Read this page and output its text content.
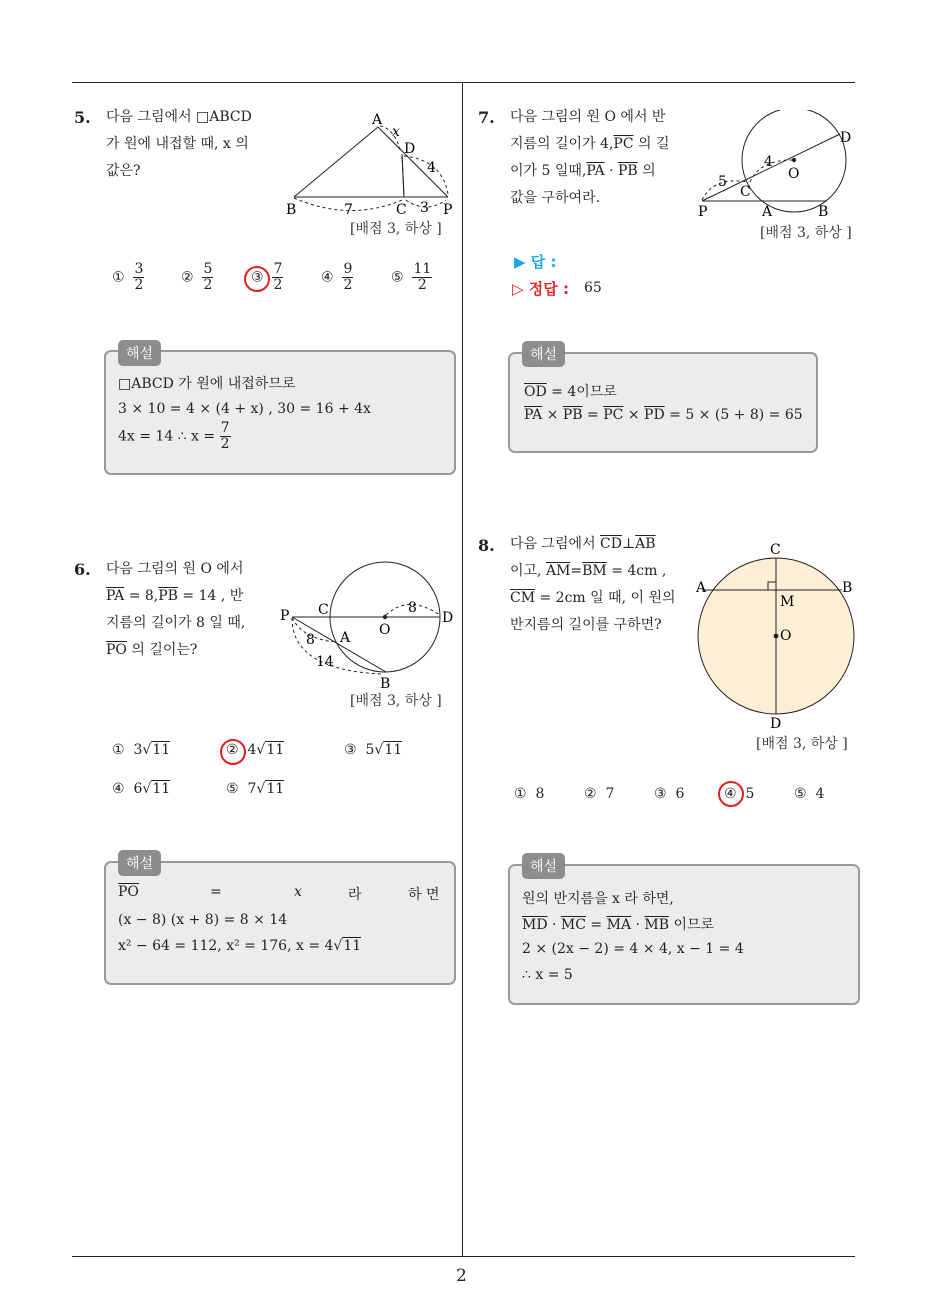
2
5. 다음 그림에서 □ABCD
가 원에 내접할 때, x 의
값은?
A
x
D
4
B	7	C 3 P
[배점 3, 하상 ]
① $\frac{3}{2}$	② $\frac{5}{2}$	③ $\frac{7}{2}$	④ $\frac{9}{2}$	⑤ $\frac{11}{2}$
해설
□ABCD 가 원에 내접하므로
3 × 10 = 4 × (4 + x) , 30 = 16 + 4x
4x = 14 ∴ $x = \frac{7}{2}$
6. 다음 그림의 원 O 에서
$\overline{PA} = 8,\overline{PB} = 14$ , 반
지름의 길이가 8 일 때,
$\overline{PO}$ 의 길이는?
P C
O
D
8
8 A
14
B
[배점 3, 하상 ]
① 3√11	② 4√11	③ 5√11
④ 6√11	⑤ 7√11
해설
$\overline{PO}$	=	x	라	하 면
(x − 8) (x + 8) = 8 × 14
x² − 64 = 112, x² = 176, x = 4√11
7. 다음 그림의 원 O 에서 반
지름의 길이가 $4,\overline{PC}$ 의 길
이가 5 일때$,\overline{PA} \cdot \overline{PB}$ 의
값을 구하여라.
D
4
O
5
C
P	A	B
[배점 3, 하상 ]
▶ 답 :
▷ 정답 : 65
해설
$\overline{OD} = 4$이므로
$\overline{PA} \times \overline{PB} = \overline{PC} \times \overline{PD} = 5 \times (5 + 8) = 65$
8. 다음 그림에서 $\overline{CD}\perp\overline{AB}$
이고, $\overline{AM}=\overline{BM} = 4cm$ ,
$\overline{CM} = 2cm$ 일 때, 이 원의
반지름의 길이를 구하면?
C
A	B
M
O
D
[배점 3, 하상 ]
① 8	② 7	③ 6	④ 5	⑤ 4
해설
원의 반지름을 x 라 하면,
$\overline{MD} \cdot \overline{MC} = \overline{MA} \cdot \overline{MB}$ 이므로
2 × (2x − 2) = 4 × 4, x − 1 = 4
∴ x = 5
